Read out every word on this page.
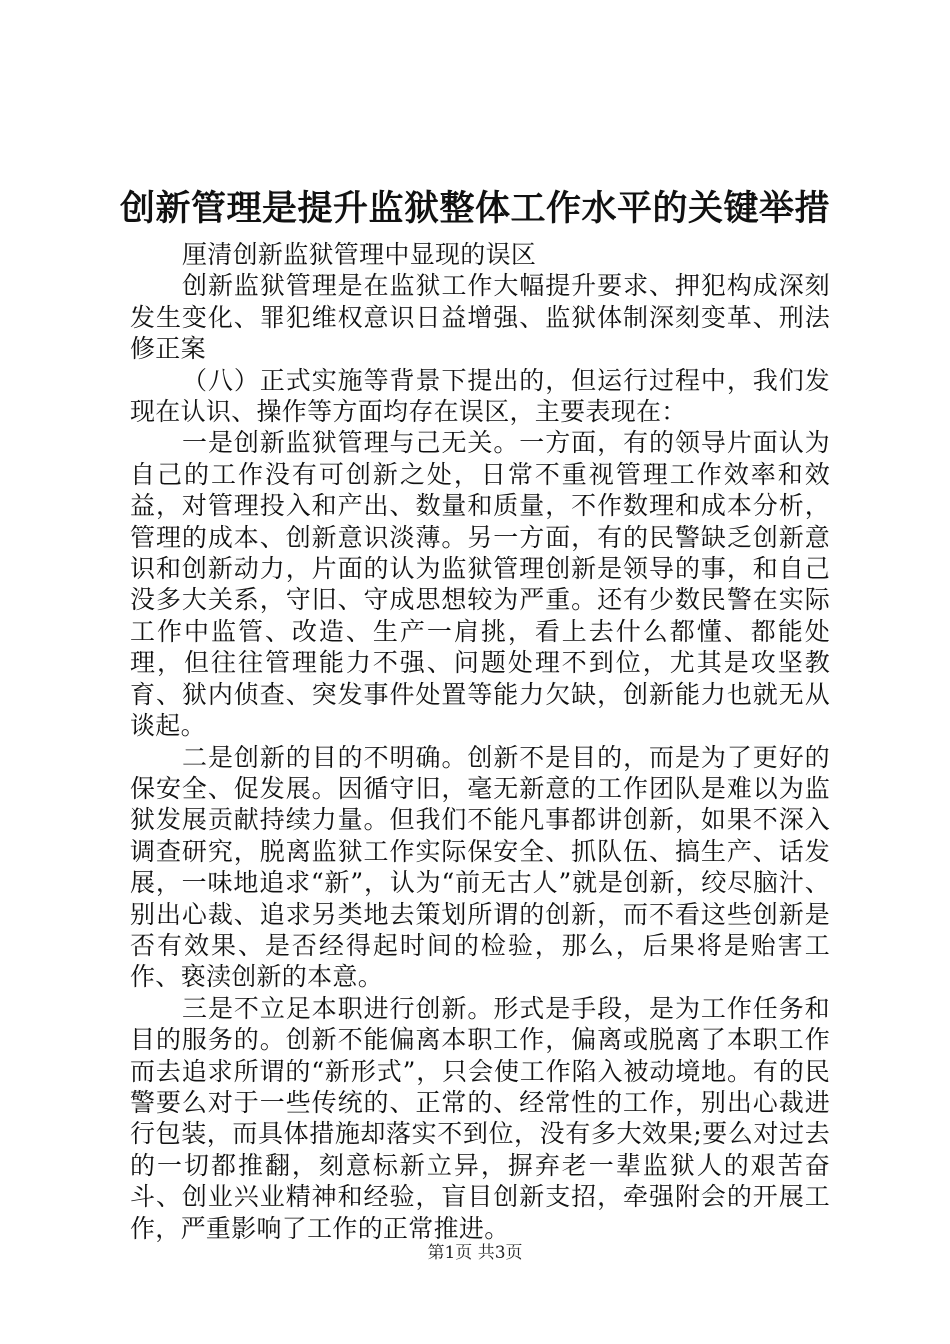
创新管理是提升监狱整体工作水平的关键举措

厘清创新监狱管理中显现的误区

创新监狱管理是在监狱工作大幅提升要求、押犯构成深刻发生变化、罪犯维权意识日益增强、监狱体制深刻变革、刑法修正案

（八）正式实施等背景下提出的，但运行过程中，我们发现在认识、操作等方面均存在误区，主要表现在：

一是创新监狱管理与己无关。一方面，有的领导片面认为自己的工作没有可创新之处，日常不重视管理工作效率和效益，对管理投入和产出、数量和质量，不作数理和成本分析，管理的成本、创新意识淡薄。另一方面，有的民警缺乏创新意识和创新动力，片面的认为监狱管理创新是领导的事，和自己没多大关系，守旧、守成思想较为严重。还有少数民警在实际工作中监管、改造、生产一肩挑，看上去什么都懂、都能处理，但往往管理能力不强、问题处理不到位，尤其是攻坚教育、狱内侦查、突发事件处置等能力欠缺，创新能力也就无从谈起。

二是创新的目的不明确。创新不是目的，而是为了更好的保安全、促发展。因循守旧，毫无新意的工作团队是难以为监狱发展贡献持续力量。但我们不能凡事都讲创新，如果不深入调查研究，脱离监狱工作实际保安全、抓队伍、搞生产、话发展，一味地追求“新”，认为“前无古人”就是创新，绞尽脑汁、别出心裁、追求另类地去策划所谓的创新，而不看这些创新是否有效果、是否经得起时间的检验，那么，后果将是贻害工作、亵渎创新的本意。

三是不立足本职进行创新。形式是手段，是为工作任务和目的服务的。创新不能偏离本职工作，偏离或脱离了本职工作而去追求所谓的“新形式”，只会使工作陷入被动境地。有的民警要么对于一些传统的、正常的、经常性的工作，别出心裁进行包装，而具体措施却落实不到位，没有多大效果;要么对过去的一切都推翻，刻意标新立异，摒弃老一辈监狱人的艰苦奋斗、创业兴业精神和经验，盲目创新支招，牵强附会的开展工作，严重影响了工作的正常推进。

第1页 共3页
